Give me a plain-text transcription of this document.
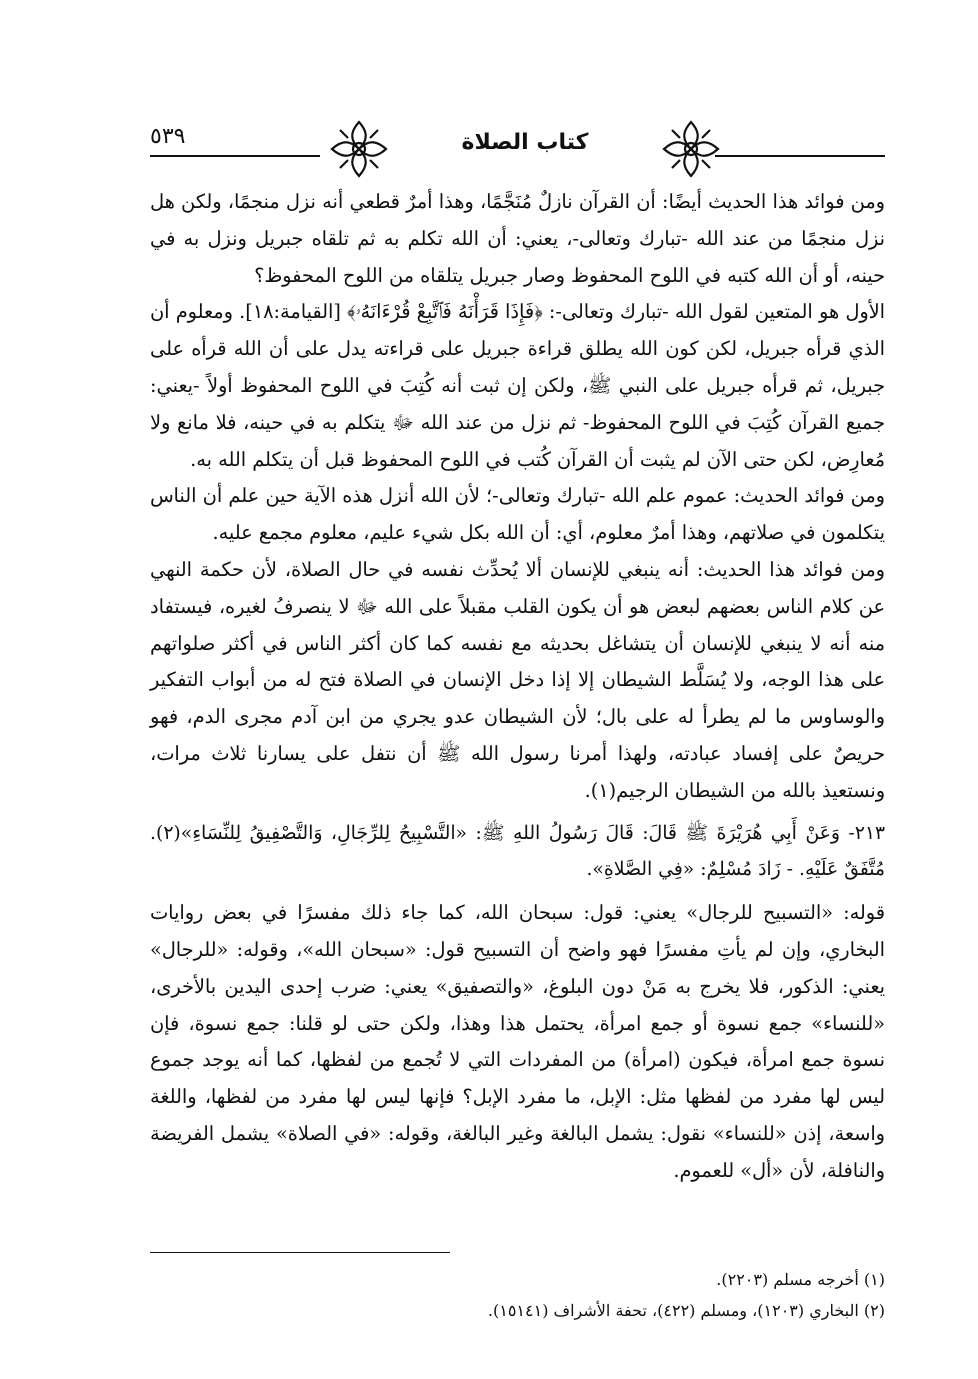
٥٣٩	كتاب الصلاة

ومن فوائد هذا الحديث أيضًا: أن القرآن نازلٌ مُنَجَّمًا، وهذا أمرٌ قطعي أنه نزل منجمًا، ولكن هل نزل منجمًا من عند الله -تبارك وتعالى-، يعني: أن الله تكلم به ثم تلقاه جبريل ونزل به في حينه، أو أن الله كتبه في اللوح المحفوظ وصار جبريل يتلقاه من اللوح المحفوظ؟

الأول هو المتعين لقول الله -تبارك وتعالى-: ﴿فَإِذَا قَرَأْنَهُ فَٱتَّبِعْ قُرْءَانَهُۥ﴾ [القيامة:١٨]. ومعلوم أن الذي قرأه جبريل، لكن كون الله يطلق قراءة جبريل على قراءته يدل على أن الله قرأه على جبريل، ثم قرأه جبريل على النبي ﷺ، ولكن إن ثبت أنه كُتِبَ في اللوح المحفوظ أولاً -يعني: جميع القرآن كُتِبَ في اللوح المحفوظ- ثم نزل من عند الله ﷻ يتكلم به في حينه، فلا مانع ولا مُعارِض، لكن حتى الآن لم يثبت أن القرآن كُتب في اللوح المحفوظ قبل أن يتكلم الله به.

ومن فوائد الحديث: عموم علم الله -تبارك وتعالى-؛ لأن الله أنزل هذه الآية حين علم أن الناس يتكلمون في صلاتهم، وهذا أمرٌ معلوم، أي: أن الله بكل شيء عليم، معلوم مجمع عليه.

ومن فوائد هذا الحديث: أنه ينبغي للإنسان ألا يُحدِّث نفسه في حال الصلاة، لأن حكمة النهي عن كلام الناس بعضهم لبعض هو أن يكون القلب مقبلاً على الله ﷻ لا ينصرفُ لغيره، فيستفاد منه أنه لا ينبغي للإنسان أن يتشاغل بحديثه مع نفسه كما كان أكثر الناس في أكثر صلواتهم على هذا الوجه، ولا يُسَلَّط الشيطان إلا إذا دخل الإنسان في الصلاة فتح له من أبواب التفكير والوساوس ما لم يطرأ له على بال؛ لأن الشيطان عدو يجري من ابن آدم مجرى الدم، فهو حريصٌ على إفساد عبادته، ولهذا أمرنا رسول الله ﷺ أن نتفل على يسارنا ثلاث مرات، ونستعيذ بالله من الشيطان الرجيم(١).

٢١٣- وَعَنْ أَبِي هُرَيْرَةَ ﷺ قَالَ: قَالَ رَسُولُ اللهِ ﷺ: «التَّسْبِيحُ لِلرِّجَالِ، وَالتَّصْفِيقُ لِلنِّسَاءِ»(٢). مُتَّفَقٌ عَلَيْهِ. - زَادَ مُسْلِمٌ: «فِي الصَّلاةِ».

قوله: «التسبيح للرجال» يعني: قول: سبحان الله، كما جاء ذلك مفسرًا في بعض روايات البخاري، وإن لم يأتِ مفسرًا فهو واضح أن التسبيح قول: «سبحان الله»، وقوله: «للرجال» يعني: الذكور، فلا يخرج به مَنْ دون البلوغ، «والتصفيق» يعني: ضرب إحدى اليدين بالأخرى، «للنساء» جمع نسوة أو جمع امرأة، يحتمل هذا وهذا، ولكن حتى لو قلنا: جمع نسوة، فإن نسوة جمع امرأة، فيكون (امرأة) من المفردات التي لا تُجمع من لفظها، كما أنه يوجد جموع ليس لها مفرد من لفظها مثل: الإبل، ما مفرد الإبل؟ فإنها ليس لها مفرد من لفظها، واللغة واسعة، إذن «للنساء» نقول: يشمل البالغة وغير البالغة، وقوله: «في الصلاة» يشمل الفريضة والنافلة، لأن «أل» للعموم.

(١) أخرجه مسلم (٢٢٠٣).

(٢) البخاري (١٢٠٣)، ومسلم (٤٢٢)، تحفة الأشراف (١٥١٤١).
